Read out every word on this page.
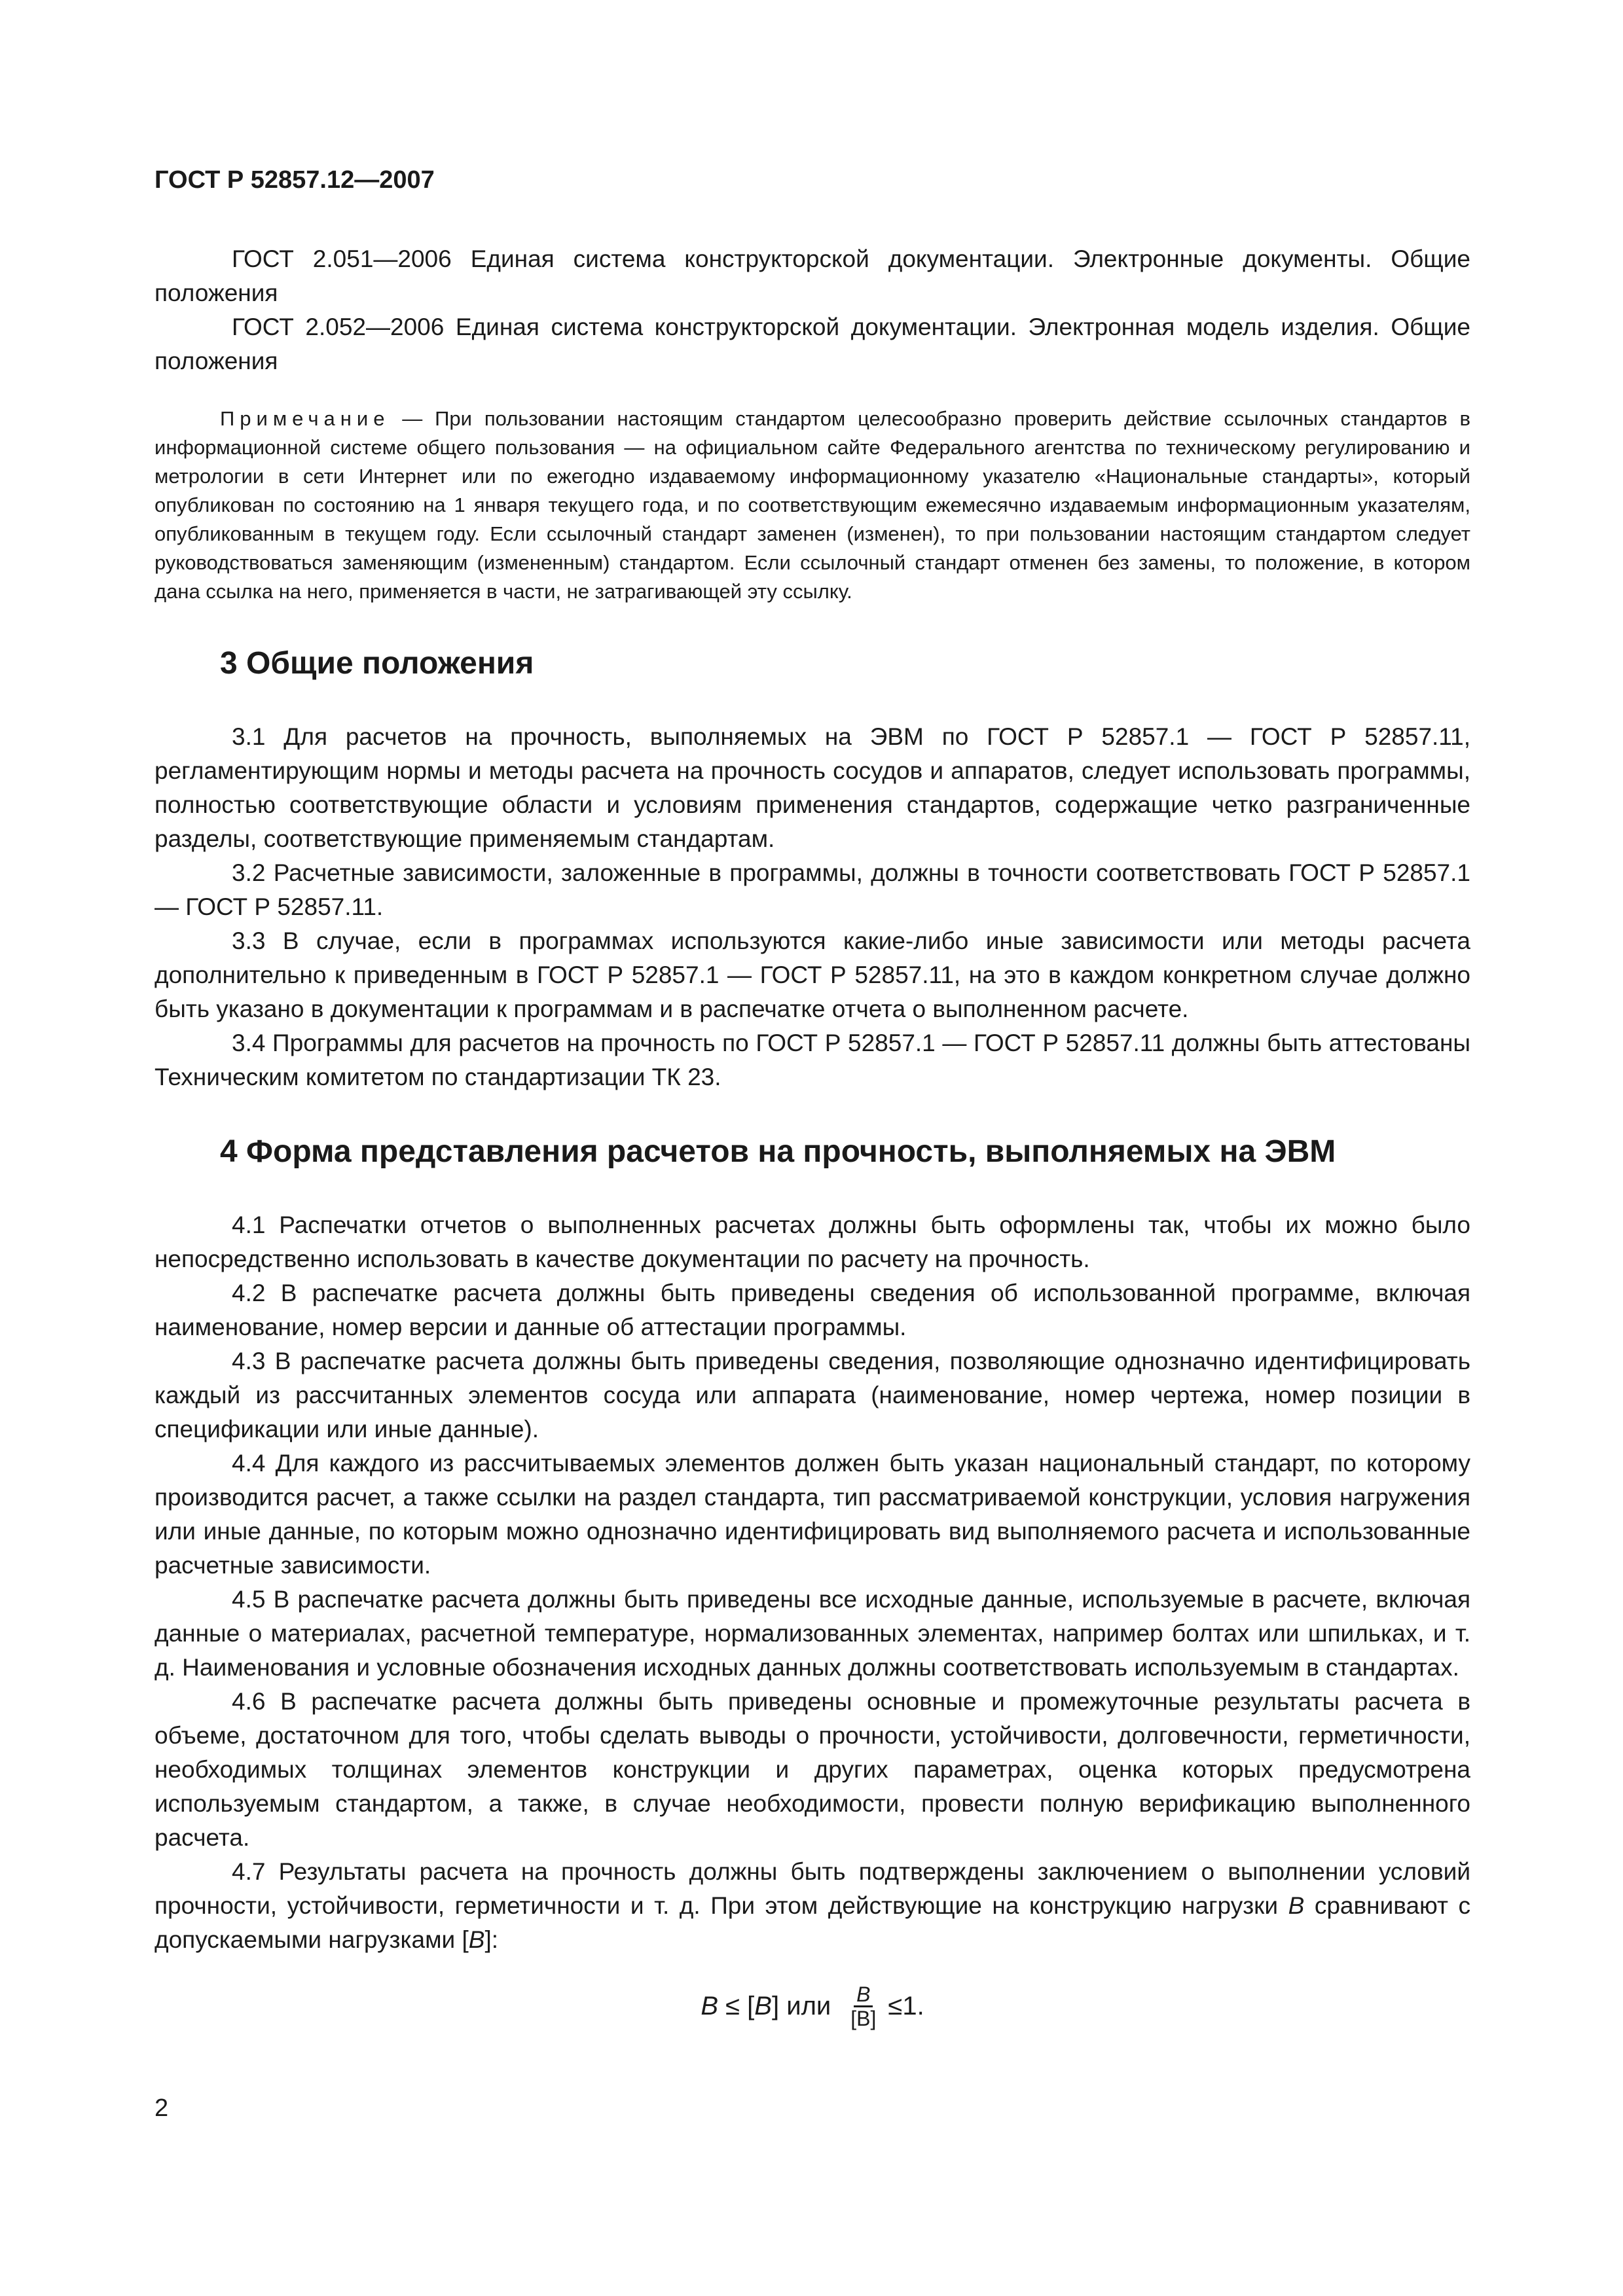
ГОСТ Р 52857.12—2007

ГОСТ 2.051—2006 Единая система конструкторской документации. Электронные документы. Общие положения

ГОСТ 2.052—2006 Единая система конструкторской документации. Электронная модель изделия. Общие положения

Примечание — При пользовании настоящим стандартом целесообразно проверить действие ссылочных стандартов в информационной системе общего пользования — на официальном сайте Федерального агентства по техническому регулированию и метрологии в сети Интернет или по ежегодно издаваемому информационному указателю «Национальные стандарты», который опубликован по состоянию на 1 января текущего года, и по соответствующим ежемесячно издаваемым информационным указателям, опубликованным в текущем году. Если ссылочный стандарт заменен (изменен), то при пользовании настоящим стандартом следует руководствоваться заменяющим (измененным) стандартом. Если ссылочный стандарт отменен без замены, то положение, в котором дана ссылка на него, применяется в части, не затрагивающей эту ссылку.

3 Общие положения

3.1 Для расчетов на прочность, выполняемых на ЭВМ по ГОСТ Р 52857.1 — ГОСТ Р 52857.11, регламентирующим нормы и методы расчета на прочность сосудов и аппаратов, следует использовать программы, полностью соответствующие области и условиям применения стандартов, содержащие четко разграниченные разделы, соответствующие применяемым стандартам.

3.2 Расчетные зависимости, заложенные в программы, должны в точности соответствовать ГОСТ Р 52857.1 — ГОСТ Р 52857.11.

3.3 В случае, если в программах используются какие-либо иные зависимости или методы расчета дополнительно к приведенным в ГОСТ Р 52857.1 — ГОСТ Р 52857.11, на это в каждом конкретном случае должно быть указано в документации к программам и в распечатке отчета о выполненном расчете.

3.4 Программы для расчетов на прочность по ГОСТ Р 52857.1 — ГОСТ Р 52857.11 должны быть аттестованы Техническим комитетом по стандартизации ТК 23.

4 Форма представления расчетов на прочность, выполняемых на ЭВМ

4.1 Распечатки отчетов о выполненных расчетах должны быть оформлены так, чтобы их можно было непосредственно использовать в качестве документации по расчету на прочность.

4.2 В распечатке расчета должны быть приведены сведения об использованной программе, включая наименование, номер версии и данные об аттестации программы.

4.3 В распечатке расчета должны быть приведены сведения, позволяющие однозначно идентифицировать каждый из рассчитанных элементов сосуда или аппарата (наименование, номер чертежа, номер позиции в спецификации или иные данные).

4.4 Для каждого из рассчитываемых элементов должен быть указан национальный стандарт, по которому производится расчет, а также ссылки на раздел стандарта, тип рассматриваемой конструкции, условия нагружения или иные данные, по которым можно однозначно идентифицировать вид выполняемого расчета и использованные расчетные зависимости.

4.5 В распечатке расчета должны быть приведены все исходные данные, используемые в расчете, включая данные о материалах, расчетной температуре, нормализованных элементах, например болтах или шпильках, и т. д. Наименования и условные обозначения исходных данных должны соответствовать используемым в стандартах.

4.6 В распечатке расчета должны быть приведены основные и промежуточные результаты расчета в объеме, достаточном для того, чтобы сделать выводы о прочности, устойчивости, долговечности, герметичности, необходимых толщинах элементов конструкции и других параметрах, оценка которых предусмотрена используемым стандартом, а также, в случае необходимости, провести полную верификацию выполненного расчета.

4.7 Результаты расчета на прочность должны быть подтверждены заключением о выполнении условий прочности, устойчивости, герметичности и т. д. При этом действующие на конструкцию нагрузки B сравнивают с допускаемыми нагрузками [B]:

B ≤ [B] или $\frac{B}{[B]} \le 1$.
2
